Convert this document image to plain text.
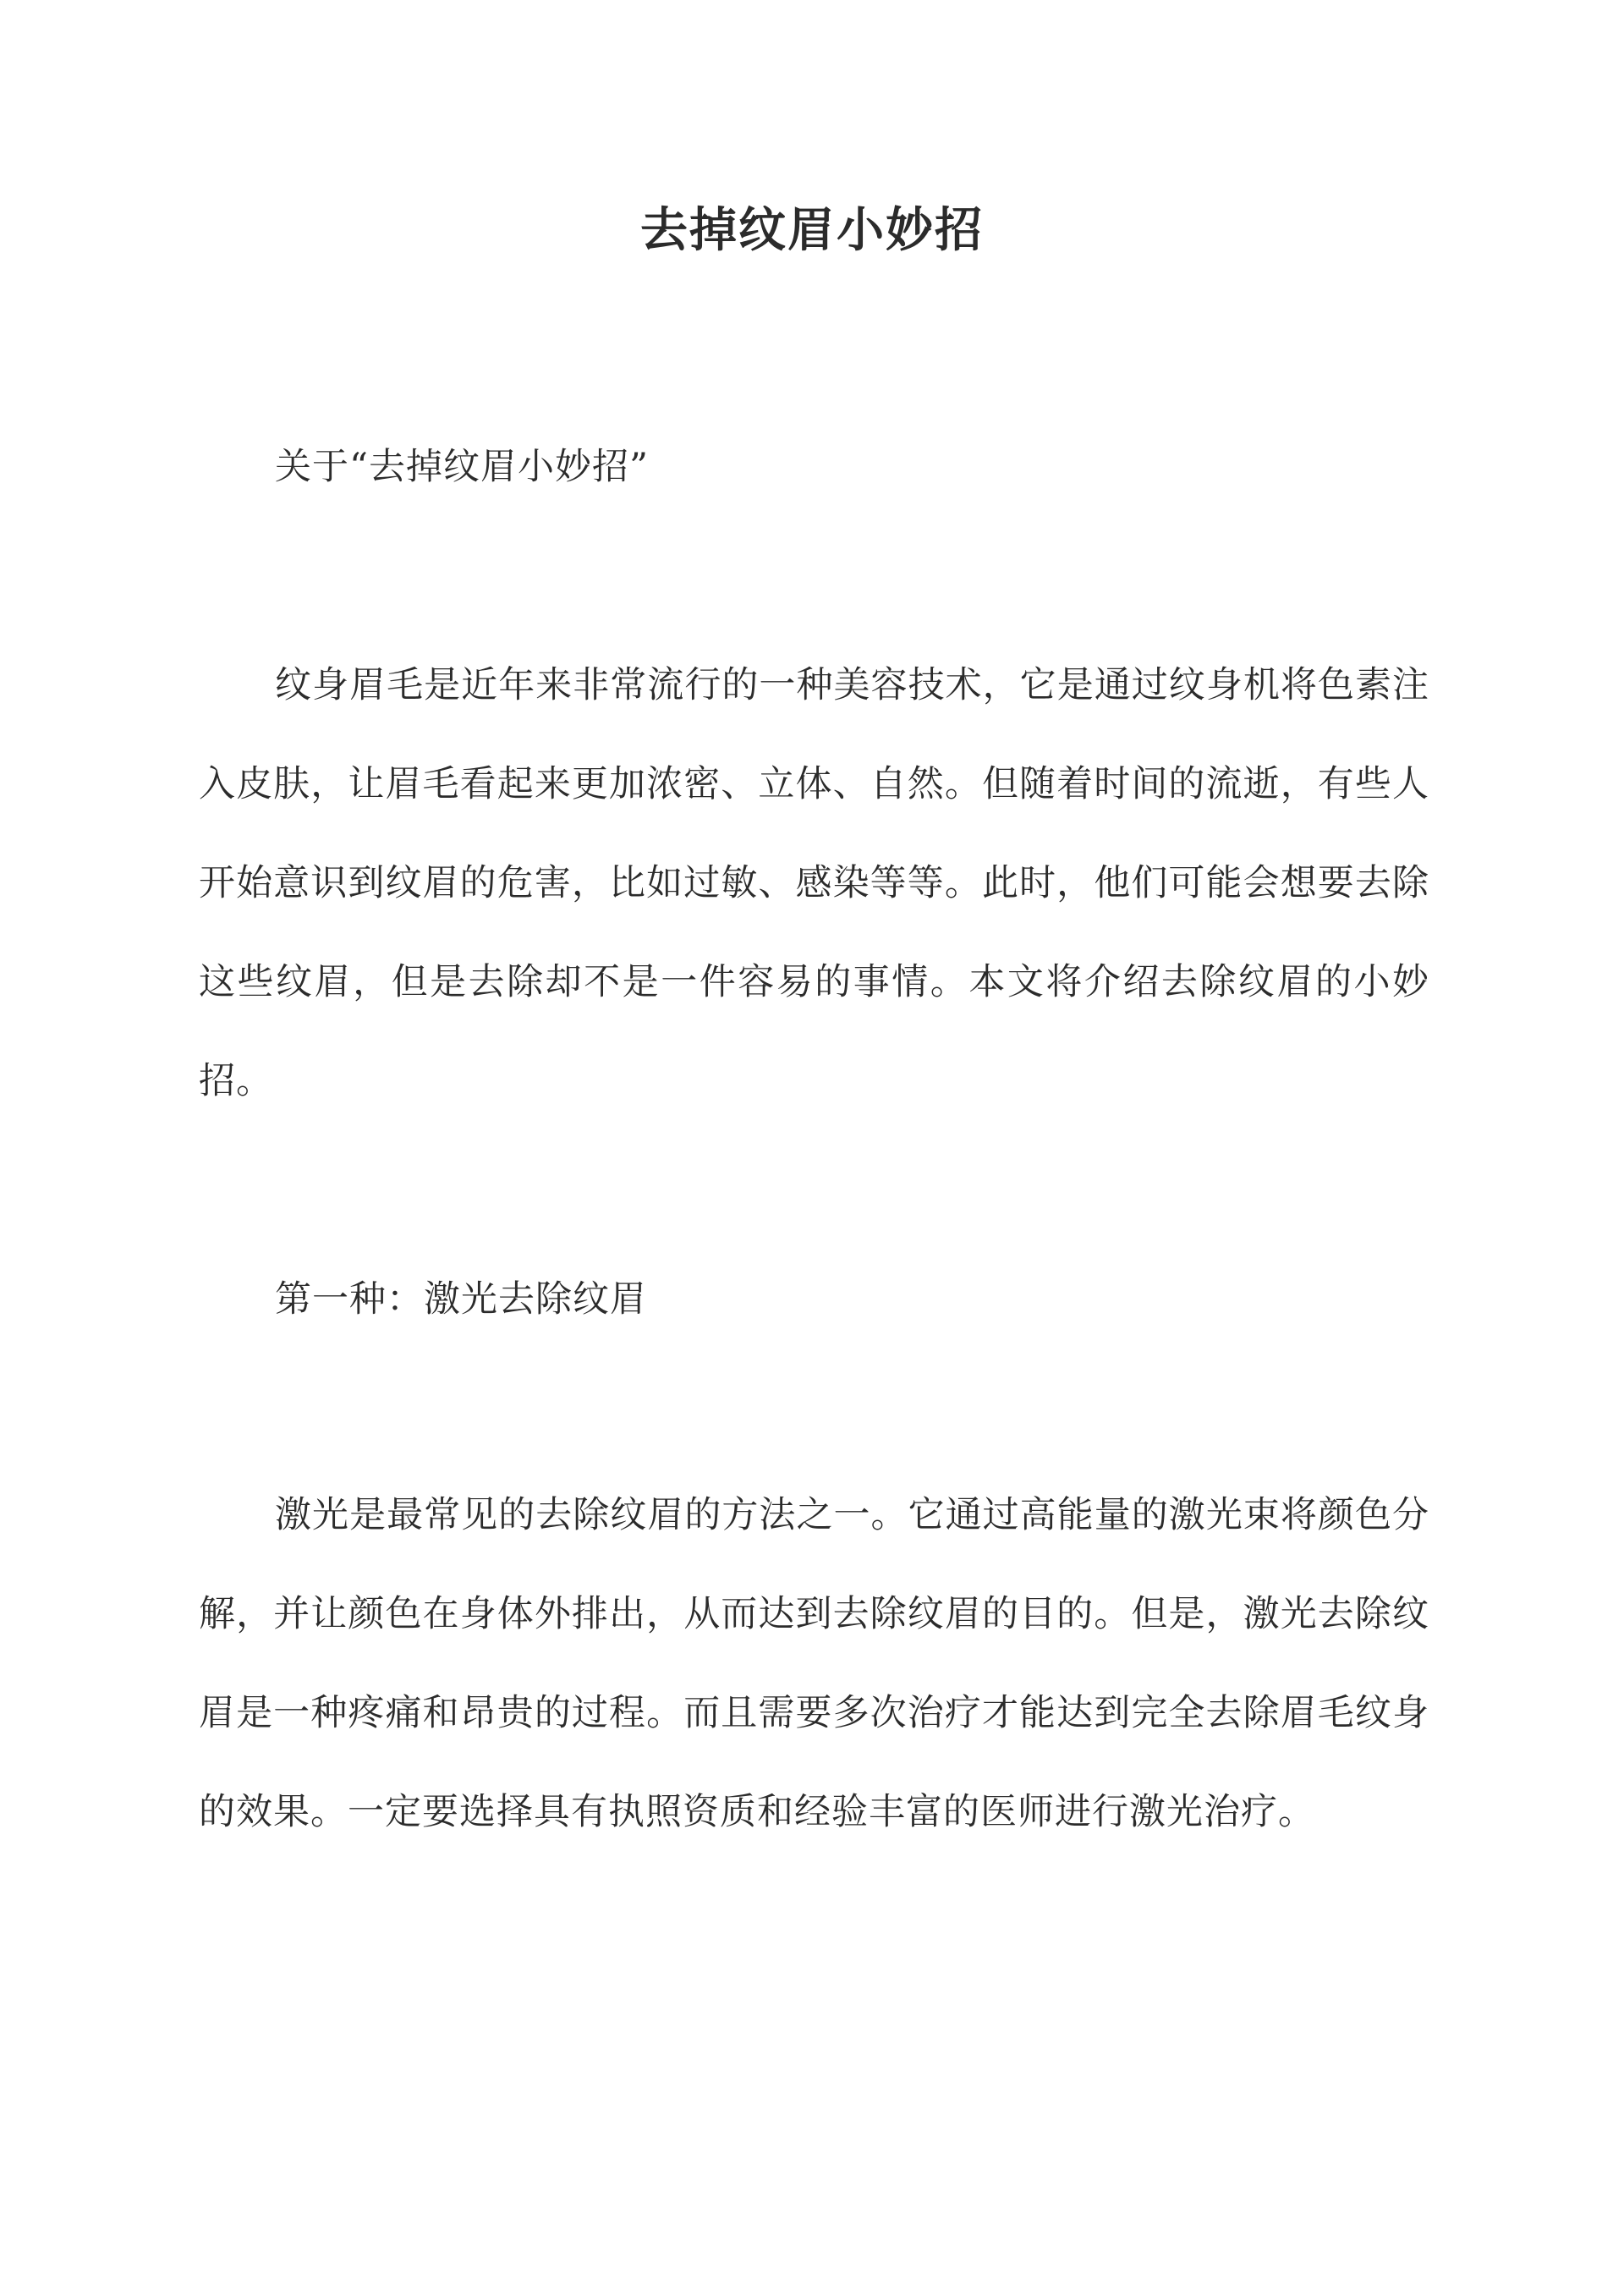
去掉纹眉小妙招

关于“去掉纹眉小妙招”

纹身眉毛是近年来非常流行的一种美容技术，它是通过纹身机将色素注入皮肤，让眉毛看起来更加浓密、立体、自然。但随着时间的流逝，有些人开始意识到纹眉的危害，比如过敏、感染等等。此时，他们可能会想要去除这些纹眉，但是去除却不是一件容易的事情。本文将介绍去除纹眉的小妙招。

第一种：激光去除纹眉

激光是最常见的去除纹眉的方法之一。它通过高能量的激光束将颜色分解，并让颜色在身体外排出，从而达到去除纹眉的目的。但是，激光去除纹眉是一种疼痛和昂贵的过程。而且需要多次治疗才能达到完全去除眉毛纹身的效果。一定要选择具有执照资质和经验丰富的医师进行激光治疗。
